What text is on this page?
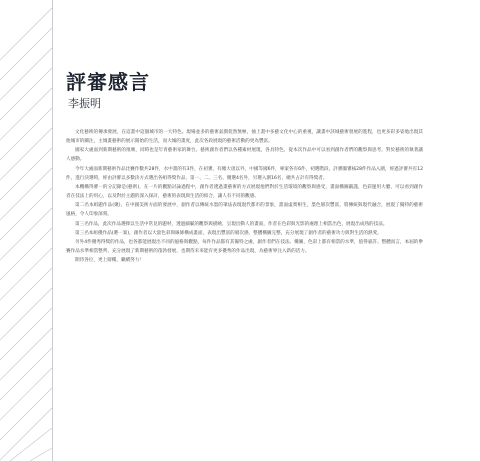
評審感言

李振明

文化藝術的傳承發展，在這畫中這個城市的一大特色。現場並多的藝術氣園促然無極，抽上畫中多藝文化中心的重視，讓畫中該城藝術發展的進程，也更多彩多姿地出現其他城市的關注，主城畫藝術的展示開始的生活，而大城的畫度，此次各段展現的藝術活動的更為豐富。

國家大處面到新期藝術的推廣，同時也是年青藝術家的舞台。藝術創作者們以各種素材展現，各具特色，從本次作品中可以看到創作者們的觀察與思考，對於藝術的執著讓人感動。

今年大處面新期藝術作品比賽作數共28件，水中畫的有3件，在初審，有總大項以外，中國等國6件，專案各有6件，初選階段，評審團審核28件作品入圍，經過評審共有12件，進行決選時，經由評審以多數決方式選出各組得獎作品，第一、二、三名、優選4名外，另選入圍16名，總共占計有得獎者。

本機構得審一的分記錄是(藝術)，在一片的觀點討論過程中，創作者透過畫藝術的方式展現他們對於生活環境的觀察與感受，畫面構圖嚴謹，色彩運用大膽，可以看到創作者在技法上的用心，以及對於主題的深入探討，藝術的表現與生活的結合，讓人有不同的觀感。

第二名本組題作品(聚)，在中國美術方面的發展中，創作者以傳統水墨的筆法表現現代都市的景象，畫面虛實相生，墨色層次豐富，將傳統與現代融合，展現了獨特的藝術風格，令人印象深刻。

第三名作品，此次作品選擇以生活中常見的題材，透過細膩的觀察與描繪，呈現出動人的畫面，作者在色彩與光影的處理上相當出色，展現出成熟的技法。

第三名本組優作品(選一案)，創作者以大量色彩與線條構成畫面，表現出豐富的層次感，整體構圖完整，充分展現了創作者的藝術功力與對生活的熱愛。

另外4件優秀得獎的作品，也各都能展現出不同的風格與觀點，每件作品都有其獨特之處，創作者們在技法、構圖、色彩上都有相當的水準，值得嘉許。整體而言，本屆的參賽作品水準相當整齊，充分展現了新期藝術的蓬勃發展，也期待未來能有更多優秀的作品出現，為藝術界注入新的活力。

期待各位，更上層樓，繼續努力！
